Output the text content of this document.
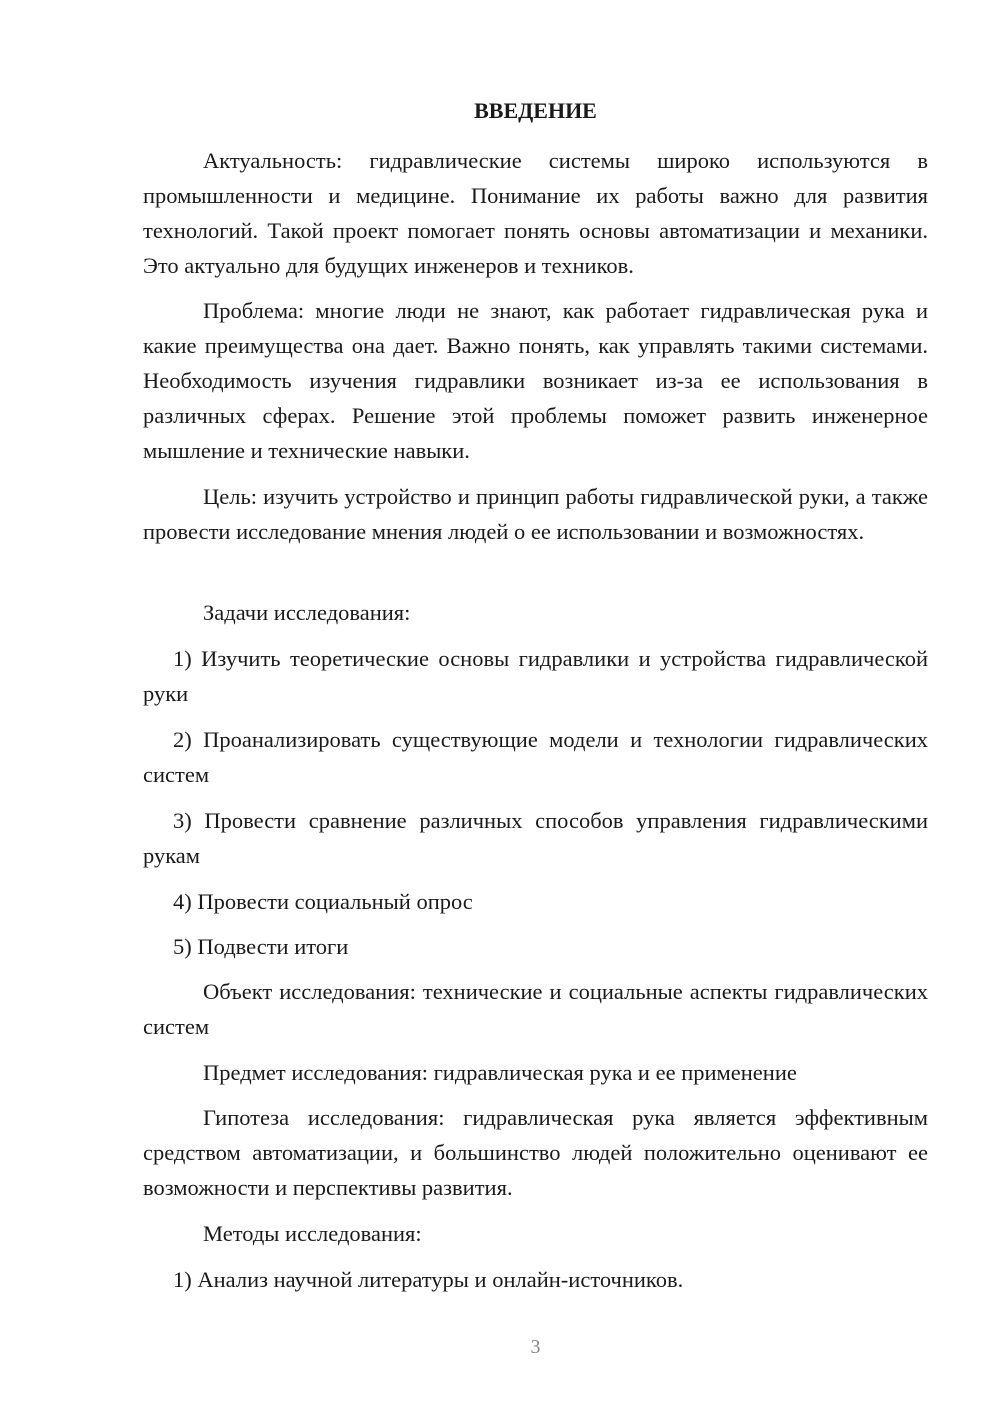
ВВЕДЕНИЕ

Актуальность: гидравлические системы широко используются в промышленности и медицине. Понимание их работы важно для развития технологий. Такой проект помогает понять основы автоматизации и механики. Это актуально для будущих инженеров и техников.

Проблема: многие люди не знают, как работает гидравлическая рука и какие преимущества она дает. Важно понять, как управлять такими системами. Необходимость изучения гидравлики возникает из-за ее использования в различных сферах. Решение этой проблемы поможет развить инженерное мышление и технические навыки.

Цель: изучить устройство и принцип работы гидравлической руки, а также провести исследование мнения людей о ее использовании и возможностях.

Задачи исследования:

1) Изучить теоретические основы гидравлики и устройства гидравлической руки

2) Проанализировать существующие модели и технологии гидравлических систем

3) Провести сравнение различных способов управления гидравлическими рукам

4) Провести социальный опрос

5) Подвести итоги

Объект исследования: технические и социальные аспекты гидравлических систем

Предмет исследования: гидравлическая рука и ее применение

Гипотеза исследования: гидравлическая рука является эффективным средством автоматизации, и большинство людей положительно оценивают ее возможности и перспективы развития.

Методы исследования:

1) Анализ научной литературы и онлайн-источников.

3
